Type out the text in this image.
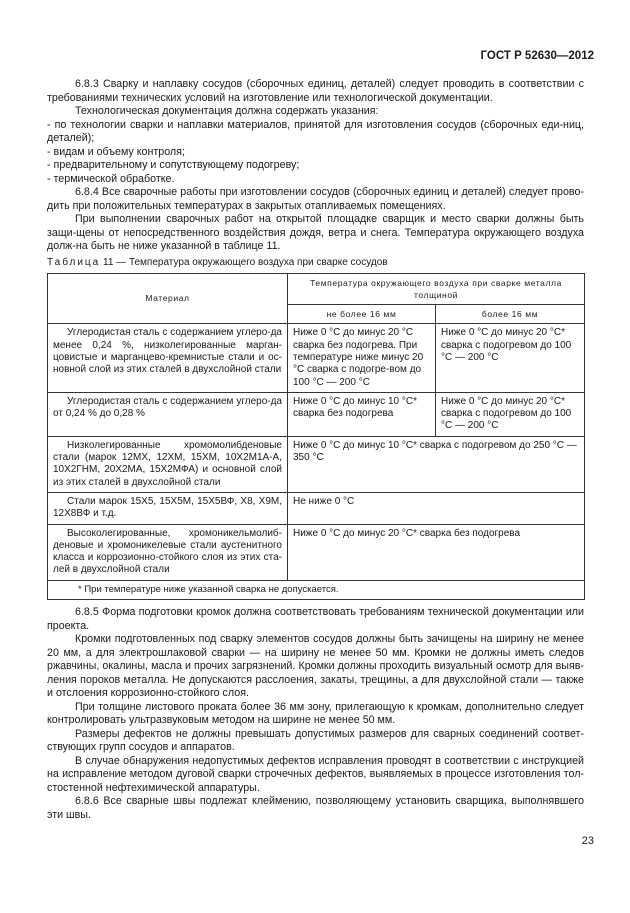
ГОСТ Р 52630—2012

6.8.3 Сварку и наплавку сосудов (сборочных единиц, деталей) следует проводить в соответствии с требованиями технических условий на изготовление или технологической документации.

Технологическая документация должна содержать указания:

- по технологии сварки и наплавки материалов, принятой для изготовления сосудов (сборочных еди-ниц, деталей);

- видам и объему контроля;

- предварительному и сопутствующему подогреву;

- термической обработке.

6.8.4 Все сварочные работы при изготовлении сосудов (сборочных единиц и деталей) следует прово-дить при положительных температурах в закрытых отапливаемых помещениях.

При выполнении сварочных работ на открытой площадке сварщик и место сварки должны быть защи-щены от непосредственного воздействия дождя, ветра и снега. Температура окружающего воздуха долж-на быть не ниже указанной в таблице 11.

Таблица 11 — Температура окружающего воздуха при сварке сосудов

Материал	Температура окружающего воздуха при сварке металла толщиной	
	не более 16 мм	более 16 мм
Углеродистая сталь с содержанием углеро-да менее 0,24 %, низколегированные марган-цовистые и марганцево-кремнистые стали и ос-новной слой из этих сталей в двухслойной стали	Ниже 0 °С до минус 20 °С сварка без подогрева. При температуре ниже минус 20 °С сварка с подогре-вом до 100 °С — 200 °С	Ниже 0 °С до минус 20 °С* сварка с подогревом до 100 °С — 200 °С
Углеродистая сталь с содержанием углеро-да от 0,24 % до 0,28 %	Ниже 0 °С до минус 10 °С* сварка без подогрева	Ниже 0 °С до минус 20 °С* сварка с подогревом до 100 °С — 200 °С
Низколегированные хромомолибденовые стали (марок 12МХ, 12ХМ, 15ХМ, 10Х2М1А-А, 10Х2ГНМ, 20Х2МА, 15Х2МФА) и основной слой из этих сталей в двухслойной стали	Ниже 0 °С до минус 10 °С* сварка с подогревом до 250 °С — 350 °С	
Стали марок 15Х5, 15Х5М, 15Х5ВФ, Х8, Х9М, 12Х8ВФ и т.д.	Не ниже 0 °С	
Высоколегированные, хромоникельмолиб-деновые и хромоникелевые стали аустенитного класса и коррозионно-стойкого слоя из этих ста-лей в двухслойной стали	Ниже 0 °С до минус 20 °С* сварка без подогрева	
* При температуре ниже указанной сварка не допускается.		

6.8.5 Форма подготовки кромок должна соответствовать требованиям технической документации или проекта.

Кромки подготовленных под сварку элементов сосудов должны быть зачищены на ширину не менее 20 мм, а для электрошлаковой сварки — на ширину не менее 50 мм. Кромки не должны иметь следов ржавчины, окалины, масла и прочих загрязнений. Кромки должны проходить визуальный осмотр для выяв-ления пороков металла. Не допускаются расслоения, закаты, трещины, а для двухслойной стали — также и отслоения коррозионно-стойкого слоя.

При толщине листового проката более 36 мм зону, прилегающую к кромкам, дополнительно следует контролировать ультразвуковым методом на ширине не менее 50 мм.

Размеры дефектов не должны превышать допустимых размеров для сварных соединений соответ-ствующих групп сосудов и аппаратов.

В случае обнаружения недопустимых дефектов исправления проводят в соответствии с инструкцией на исправление методом дуговой сварки строчечных дефектов, выявляемых в процессе изготовления тол-стостенной нефтехимической аппаратуры.

6.8.6 Все сварные швы подлежат клеймению, позволяющему установить сварщика, выполнявшего эти швы.

23
